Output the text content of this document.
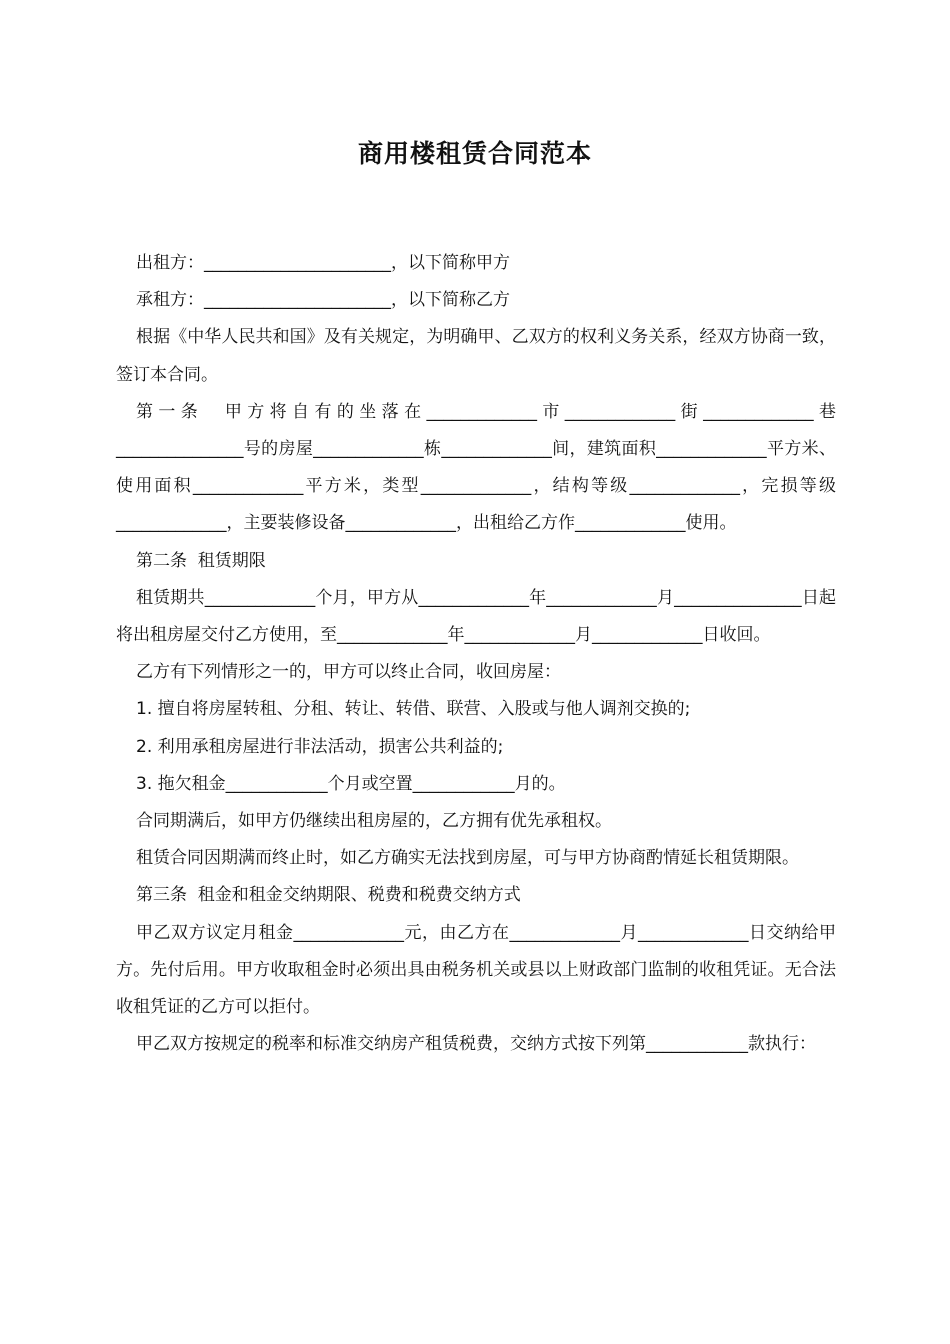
商用楼租赁合同范本

出租方：______________________，以下简称甲方

承租方：______________________，以下简称乙方

根据《中华人民共和国》及有关规定，为明确甲、乙双方的权利义务关系，经双方协商一致，签订本合同。

第一条  甲方将自有的坐落在_____________市_____________街_____________巷_______________号的房屋_____________栋_____________间，建筑面积_____________平方米、使用面积_____________平方米，类型_____________，结构等级_____________，完损等级_____________，主要装修设备_____________，出租给乙方作_____________使用。

第二条  租赁期限

租赁期共_____________个月，甲方从_____________年_____________月_______________日起将出租房屋交付乙方使用，至_____________年_____________月_____________日收回。

乙方有下列情形之一的，甲方可以终止合同，收回房屋：

1. 擅自将房屋转租、分租、转让、转借、联营、入股或与他人调剂交换的;

2. 利用承租房屋进行非法活动，损害公共利益的;

3. 拖欠租金____________个月或空置____________月的。

合同期满后，如甲方仍继续出租房屋的，乙方拥有优先承租权。

租赁合同因期满而终止时，如乙方确实无法找到房屋，可与甲方协商酌情延长租赁期限。

第三条  租金和租金交纳期限、税费和税费交纳方式

甲乙双方议定月租金_____________元，由乙方在_____________月_____________日交纳给甲方。先付后用。甲方收取租金时必须出具由税务机关或县以上财政部门监制的收租凭证。无合法收租凭证的乙方可以拒付。

甲乙双方按规定的税率和标准交纳房产租赁税费，交纳方式按下列第____________款执行：
